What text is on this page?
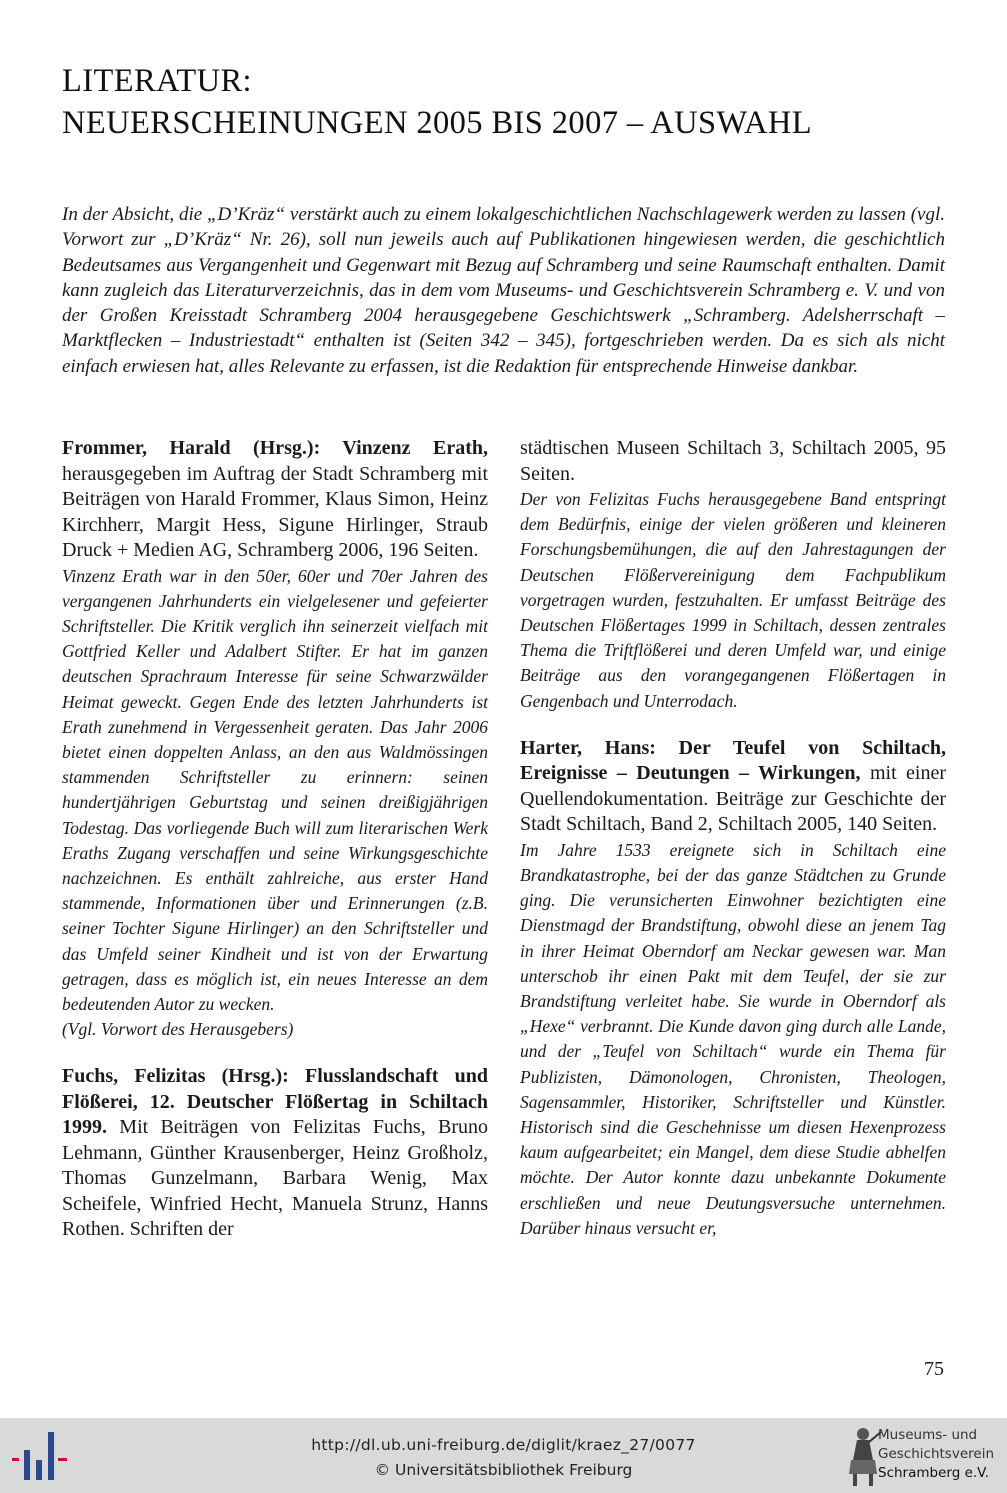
LITERATUR:
NEUERSCHEINUNGEN 2005 BIS 2007 – AUSWAHL

In der Absicht, die „D’Kräz“ verstärkt auch zu einem lokalgeschichtlichen Nachschlagewerk werden zu lassen (vgl. Vorwort zur „D’Kräz“ Nr. 26), soll nun jeweils auch auf Publikationen hingewiesen werden, die geschichtlich Bedeutsames aus Vergangenheit und Gegenwart mit Bezug auf Schramberg und seine Raumschaft enthalten. Damit kann zugleich das Literaturverzeichnis, das in dem vom Museums- und Geschichtsverein Schramberg e. V. und von der Großen Kreisstadt Schramberg 2004 herausgegebene Geschichtswerk „Schramberg. Adelsherrschaft – Marktflecken – Industriestadt“ enthalten ist (Seiten 342 – 345), fortgeschrieben werden. Da es sich als nicht einfach erwiesen hat, alles Relevante zu erfassen, ist die Redaktion für entsprechende Hinweise dankbar.

Frommer, Harald (Hrsg.): Vinzenz Erath, herausgegeben im Auftrag der Stadt Schramberg mit Beiträgen von Harald Frommer, Klaus Simon, Heinz Kirchherr, Margit Hess, Sigune Hirlinger, Straub Druck + Medien AG, Schramberg 2006, 196 Seiten.

Vinzenz Erath war in den 50er, 60er und 70er Jahren des vergangenen Jahrhunderts ein vielgelesener und gefeierter Schriftsteller. Die Kritik verglich ihn seinerzeit vielfach mit Gottfried Keller und Adalbert Stifter. Er hat im ganzen deutschen Sprachraum Interesse für seine Schwarzwälder Heimat geweckt. Gegen Ende des letzten Jahrhunderts ist Erath zunehmend in Vergessenheit geraten. Das Jahr 2006 bietet einen doppelten Anlass, an den aus Waldmössingen stammenden Schriftsteller zu erinnern: seinen hundertjährigen Geburtstag und seinen dreißigjährigen Todestag. Das vorliegende Buch will zum literarischen Werk Eraths Zugang verschaffen und seine Wirkungsgeschichte nachzeichnen. Es enthält zahlreiche, aus erster Hand stammende, Informationen über und Erinnerungen (z.B. seiner Tochter Sigune Hirlinger) an den Schriftsteller und das Umfeld seiner Kindheit und ist von der Erwartung getragen, dass es möglich ist, ein neues Interesse an dem bedeutenden Autor zu wecken.

(Vgl. Vorwort des Herausgebers)

Fuchs, Felizitas (Hrsg.): Flusslandschaft und Flößerei, 12. Deutscher Flößertag in Schiltach 1999. Mit Beiträgen von Felizitas Fuchs, Bruno Lehmann, Günther Krausenberger, Heinz Großholz, Thomas Gunzelmann, Barbara Wenig, Max Scheifele, Winfried Hecht, Manuela Strunz, Hanns Rothen. Schriften der

städtischen Museen Schiltach 3, Schiltach 2005, 95 Seiten.

Der von Felizitas Fuchs herausgegebene Band entspringt dem Bedürfnis, einige der vielen größeren und kleineren Forschungsbemühungen, die auf den Jahrestagungen der Deutschen Flößervereinigung dem Fachpublikum vorgetragen wurden, festzuhalten. Er umfasst Beiträge des Deutschen Flößertages 1999 in Schiltach, dessen zentrales Thema die Triftflößerei und deren Umfeld war, und einige Beiträge aus den vorangegangenen Flößertagen in Gengenbach und Unterrodach.

Harter, Hans: Der Teufel von Schiltach, Ereignisse – Deutungen – Wirkungen, mit einer Quellendokumentation. Beiträge zur Geschichte der Stadt Schiltach, Band 2, Schiltach 2005, 140 Seiten.

Im Jahre 1533 ereignete sich in Schiltach eine Brandkatastrophe, bei der das ganze Städtchen zu Grunde ging. Die verunsicherten Einwohner bezichtigten eine Dienstmagd der Brandstiftung, obwohl diese an jenem Tag in ihrer Heimat Oberndorf am Neckar gewesen war. Man unterschob ihr einen Pakt mit dem Teufel, der sie zur Brandstiftung verleitet habe. Sie wurde in Oberndorf als „Hexe“ verbrannt. Die Kunde davon ging durch alle Lande, und der „Teufel von Schiltach“ wurde ein Thema für Publizisten, Dämonologen, Chronisten, Theologen, Sagensammler, Historiker, Schriftsteller und Künstler. Historisch sind die Geschehnisse um diesen Hexenprozess kaum aufgearbeitet; ein Mangel, dem diese Studie abhelfen möchte. Der Autor konnte dazu unbekannte Dokumente erschließen und neue Deutungsversuche unternehmen. Darüber hinaus versucht er,

75
http://dl.ub.uni-freiburg.de/diglit/kraez_27/0077
© Universitätsbibliothek Freiburg
Museums- und
Geschichtsverein
Schramberg e.V.
